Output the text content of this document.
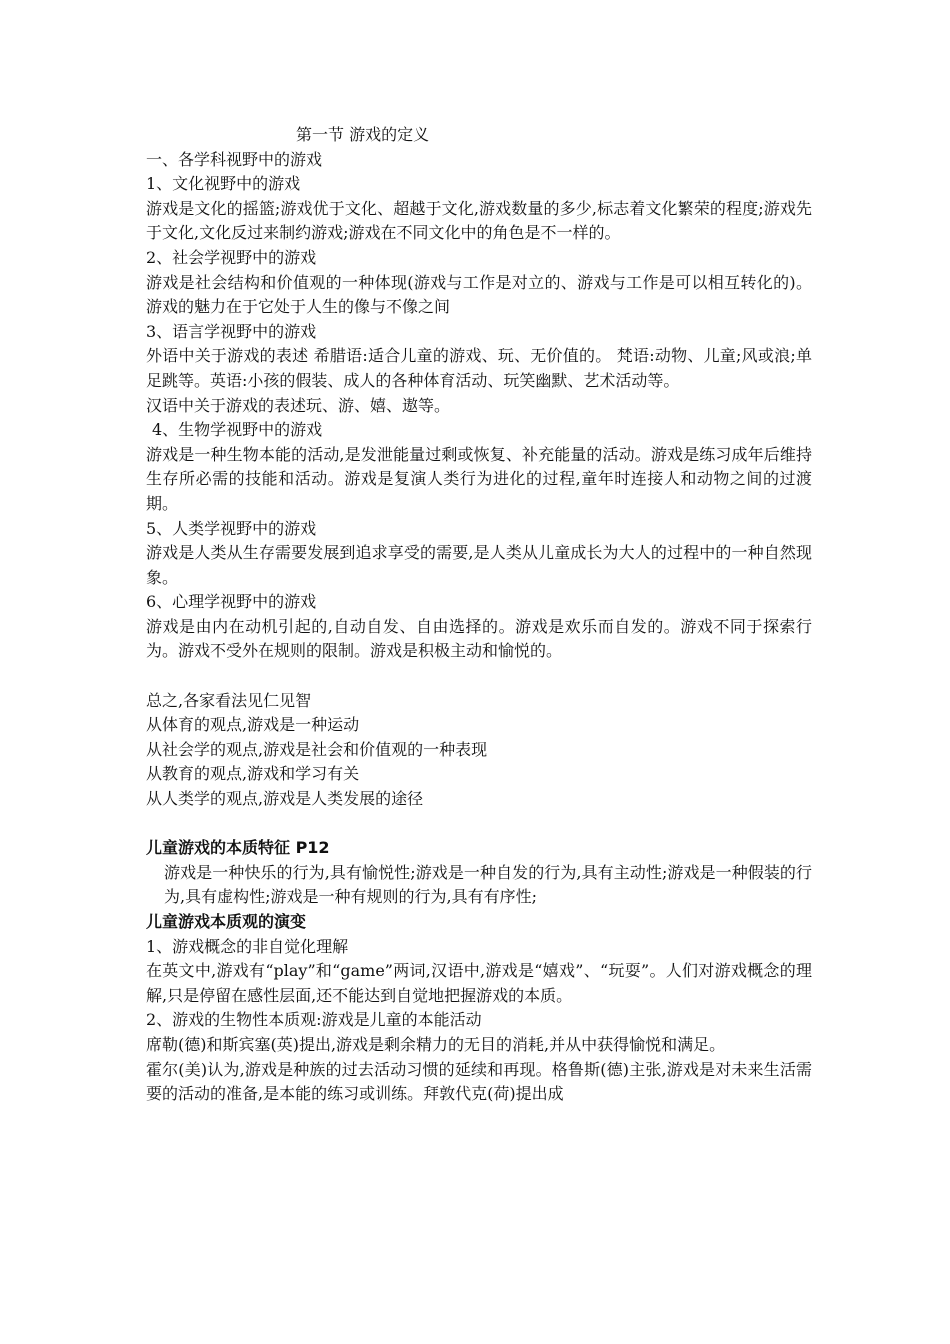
第一节 游戏的定义

一、各学科视野中的游戏

1、文化视野中的游戏

游戏是文化的摇篮;游戏优于文化、超越于文化,游戏数量的多少,标志着文化繁荣的程度;游戏先于文化,文化反过来制约游戏;游戏在不同文化中的角色是不一样的。

2、社会学视野中的游戏

游戏是社会结构和价值观的一种体现(游戏与工作是对立的、游戏与工作是可以相互转化的)。游戏的魅力在于它处于人生的像与不像之间

3、语言学视野中的游戏

外语中关于游戏的表述 希腊语:适合儿童的游戏、玩、无价值的。 梵语:动物、儿童;风或浪;单足跳等。英语:小孩的假装、成人的各种体育活动、玩笑幽默、艺术活动等。

汉语中关于游戏的表述玩、游、嬉、遨等。

4、生物学视野中的游戏

游戏是一种生物本能的活动,是发泄能量过剩或恢复、补充能量的活动。游戏是练习成年后维持生存所必需的技能和活动。游戏是复演人类行为进化的过程,童年时连接人和动物之间的过渡期。

5、人类学视野中的游戏

游戏是人类从生存需要发展到追求享受的需要,是人类从儿童成长为大人的过程中的一种自然现象。

6、心理学视野中的游戏

游戏是由内在动机引起的,自动自发、自由选择的。游戏是欢乐而自发的。游戏不同于探索行为。游戏不受外在规则的限制。游戏是积极主动和愉悦的。

总之,各家看法见仁见智

从体育的观点,游戏是一种运动

从社会学的观点,游戏是社会和价值观的一种表现

从教育的观点,游戏和学习有关

从人类学的观点,游戏是人类发展的途径

儿童游戏的本质特征 P12

游戏是一种快乐的行为,具有愉悦性;游戏是一种自发的行为,具有主动性;游戏是一种假装的行为,具有虚构性;游戏是一种有规则的行为,具有有序性;

儿童游戏本质观的演变

1、游戏概念的非自觉化理解

在英文中,游戏有“play”和“game”两词,汉语中,游戏是“嬉戏”、“玩耍”。人们对游戏概念的理解,只是停留在感性层面,还不能达到自觉地把握游戏的本质。

2、游戏的生物性本质观:游戏是儿童的本能活动

席勒(德)和斯宾塞(英)提出,游戏是剩余精力的无目的消耗,并从中获得愉悦和满足。

霍尔(美)认为,游戏是种族的过去活动习惯的延续和再现。格鲁斯(德)主张,游戏是对未来生活需要的活动的准备,是本能的练习或训练。拜敦代克(荷)提出成
